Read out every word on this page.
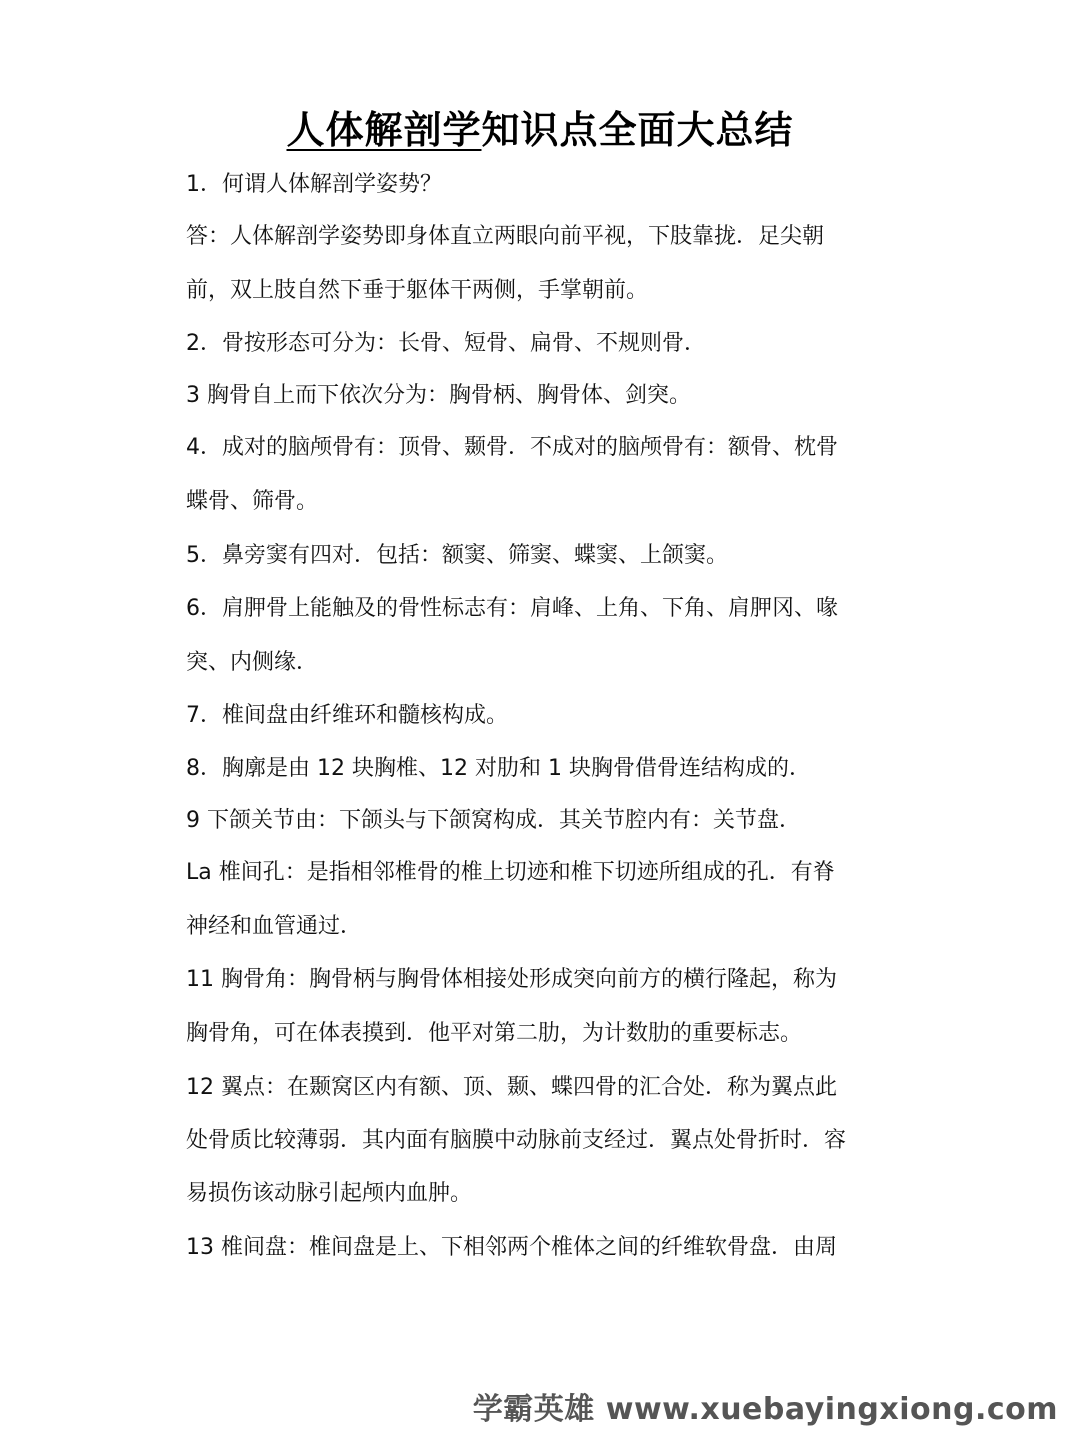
人体解剖学知识点全面大总结
1．何谓人体解剖学姿势？
答：人体解剖学姿势即身体直立两眼向前平视，下肢靠拢．足尖朝
前，双上肢自然下垂于躯体干两侧，手掌朝前。
2．骨按形态可分为：长骨、短骨、扁骨、不规则骨．
3 胸骨自上而下依次分为：胸骨柄、胸骨体、剑突。
4．成对的脑颅骨有：顶骨、颞骨．不成对的脑颅骨有：额骨、枕骨
蝶骨、筛骨。
5．鼻旁窦有四对．包括：额窦、筛窦、蝶窦、上颌窦。
6．肩胛骨上能触及的骨性标志有：肩峰、上角、下角、肩胛冈、喙
突、内侧缘．
7．椎间盘由纤维环和髓核构成。
8．胸廓是由 12 块胸椎、12 对肋和 1 块胸骨借骨连结构成的．
9 下颌关节由：下颌头与下颌窝构成．其关节腔内有：关节盘．
La 椎间孔：是指相邻椎骨的椎上切迹和椎下切迹所组成的孔．有脊
神经和血管通过．
11 胸骨角：胸骨柄与胸骨体相接处形成突向前方的横行隆起，称为
胸骨角，可在体表摸到．他平对第二肋，为计数肋的重要标志。
12 翼点：在颞窝区内有额、顶、颞、蝶四骨的汇合处．称为翼点此
处骨质比较薄弱．其内面有脑膜中动脉前支经过．翼点处骨折时．容
易损伤该动脉引起颅内血肿。
13 椎间盘：椎间盘是上、下相邻两个椎体之间的纤维软骨盘．由周
学霸英雄 www.xuebayingxiong.com
